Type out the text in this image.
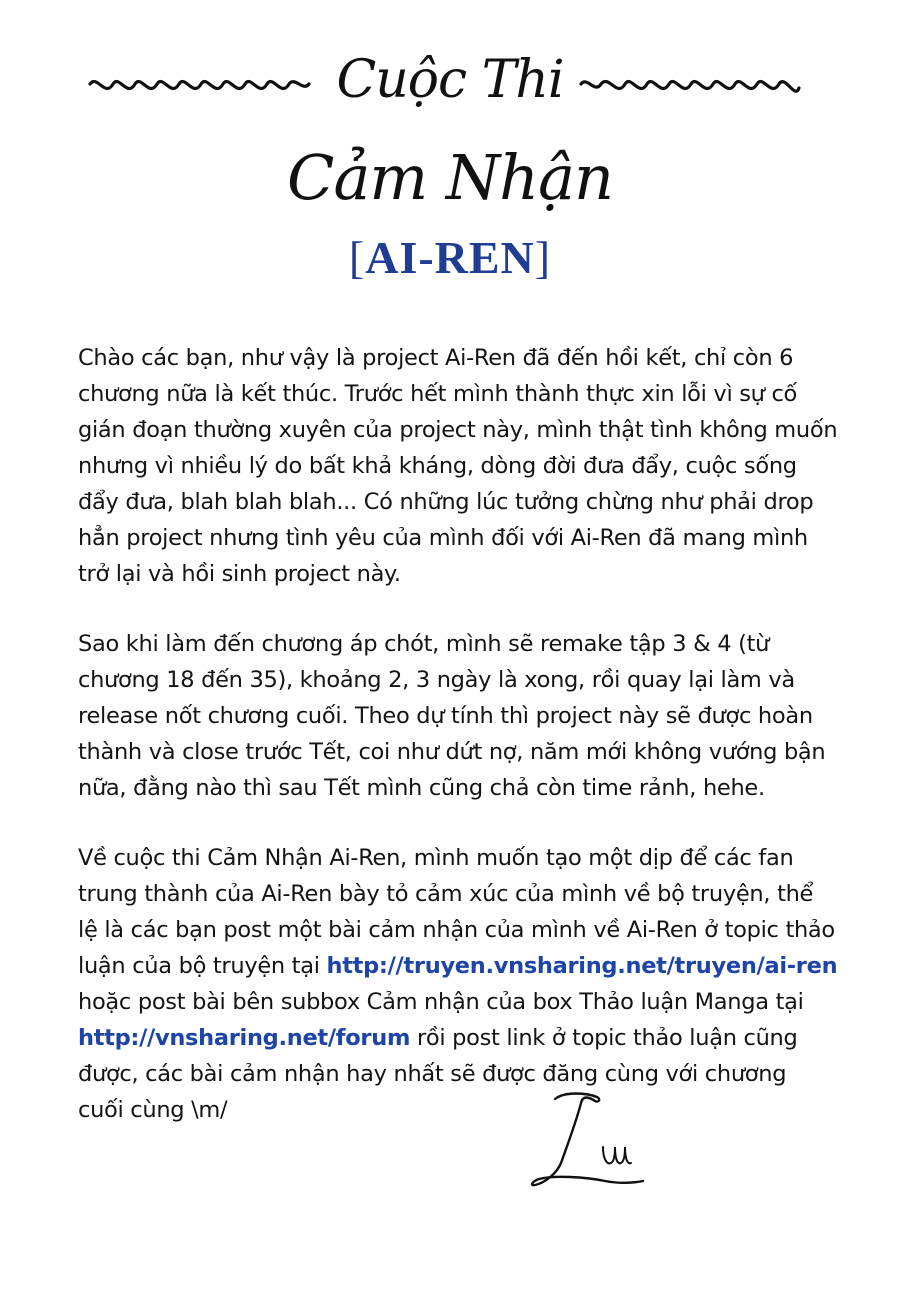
Cuộc Thi
Cảm Nhận
[AI-REN]

Chào các bạn, như vậy là project Ai-Ren đã đến hồi kết, chỉ còn 6 chương nữa là kết thúc. Trước hết mình thành thực xin lỗi vì sự cố gián đoạn thường xuyên của project này, mình thật tình không muốn nhưng vì nhiều lý do bất khả kháng, dòng đời đưa đẩy, cuộc sống đẩy đưa, blah blah blah... Có những lúc tưởng chừng như phải drop hẳn project nhưng tình yêu của mình đối với Ai-Ren đã mang mình trở lại và hồi sinh project này.

Sao khi làm đến chương áp chót, mình sẽ remake tập 3 & 4 (từ chương 18 đến 35), khoảng 2, 3 ngày là xong, rồi quay lại làm và release nốt chương cuối. Theo dự tính thì project này sẽ được hoàn thành và close trước Tết, coi như dứt nợ, năm mới không vướng bận nữa, đằng nào thì sau Tết mình cũng chả còn time rảnh, hehe.

Về cuộc thi Cảm Nhận Ai-Ren, mình muốn tạo một dịp để các fan trung thành của Ai-Ren bày tỏ cảm xúc của mình về bộ truyện, thể lệ là các bạn post một bài cảm nhận của mình về Ai-Ren ở topic thảo luận của bộ truyện tại http://truyen.vnsharing.net/truyen/ai-ren hoặc post bài bên subbox Cảm nhận của box Thảo luận Manga tại http://vnsharing.net/forum rồi post link ở topic thảo luận cũng được, các bài cảm nhận hay nhất sẽ được đăng cùng với chương cuối cùng \m/
